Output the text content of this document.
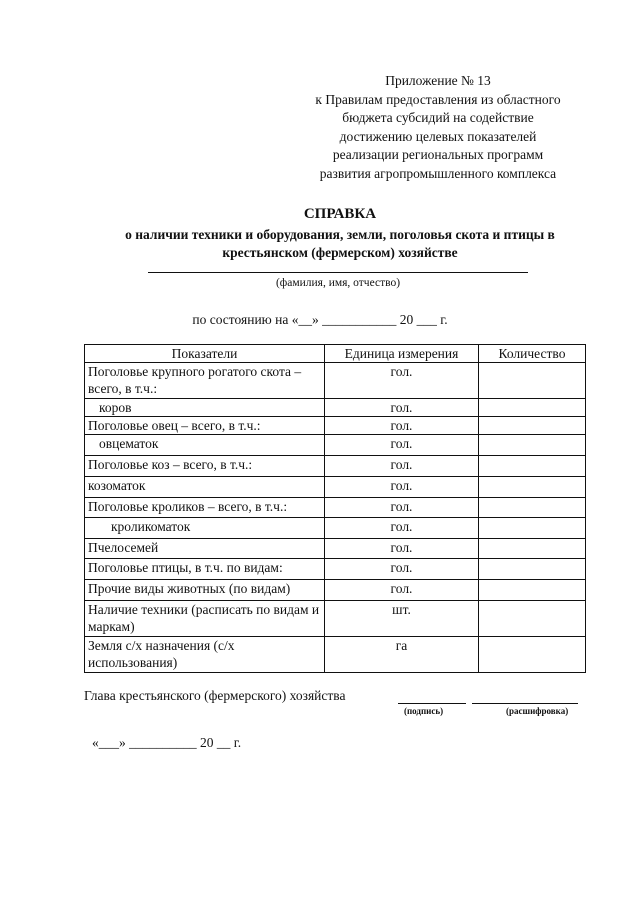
Приложение № 13
к Правилам предоставления из областного
бюджета субсидий на содействие
достижению целевых показателей
реализации региональных программ
развития агропромышленного комплекса
СПРАВКА
о наличии техники и оборудования, земли, поголовья скота и птицы в
крестьянском (фермерском) хозяйстве
(фамилия, имя, отчество)
по состоянию на «__» ___________ 20 ___ г.
Показатели	Единица измерения	Количество
Поголовье крупного рогатого скота – всего, в т.ч.:	гол.	
коров	гол.	
Поголовье овец – всего, в т.ч.:	гол.	
овцематок	гол.	
Поголовье коз – всего, в т.ч.:	гол.	
козоматок	гол.	
Поголовье кроликов – всего, в т.ч.:	гол.	
кроликоматок	гол.	
Пчелосемей	гол.	
Поголовье птицы, в т.ч. по видам:	гол.	
Прочие виды животных (по видам)	гол.	
Наличие техники (расписать по видам и маркам)	шт.	
Земля с/х назначения (с/х использования)	га	
Глава крестьянского (фермерского) хозяйства
(подпись)	(расшифровка)
«___» __________ 20 __ г.
